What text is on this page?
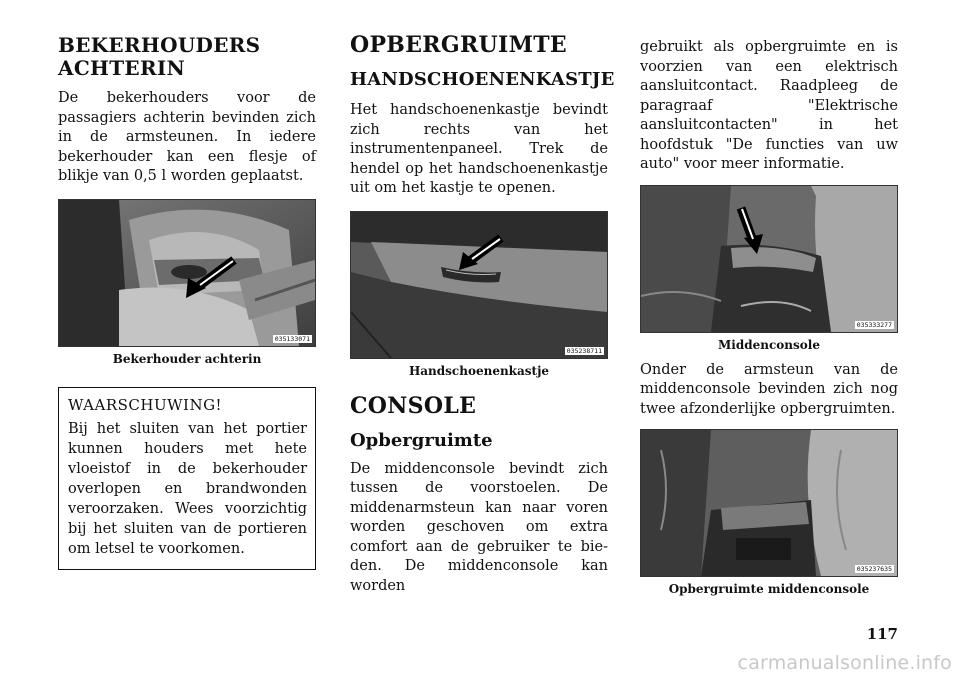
BEKERHOUDERS
ACHTERIN

De bekerhouders voor de passagiers achterin bevinden zich in de armsteunen. In iedere bekerhouder kan een flesje of blikje van 0,5 l worden geplaatst.

035133071
Bekerhouder achterin
WAARSCHUWING!

Bij het sluiten van het portier kunnen houders met hete vloeistof in de bekerhouder overlopen en brandwonden veroorzaken. Wees voorzichtig bij het sluiten van de portieren om letsel te voorkomen.

OPBERGRUIMTE
HANDSCHOENENKASTJE

Het handschoenenkastje bevindt zich rechts van het instrumentenpaneel. Trek de hendel op het handschoenenkastje uit om het kastje te openen.

035238711
Handschoenenkastje
CONSOLE
Opbergruimte

De middenconsole bevindt zich tussen de voorstoelen. De middenarmsteun kan naar voren worden geschoven om extra comfort aan de gebruiker te bieden. De middenconsole kan worden

gebruikt als opbergruimte en is voorzien van een elektrisch aansluitcontact. Raadpleeg de paragraaf "Elektrische aansluitcontacten" in het hoofdstuk "De functies van uw auto" voor meer informatie.

035333277
Middenconsole

Onder de armsteun van de middenconsole bevinden zich nog twee afzonderlijke opbergruimten.

035237635
Opbergruimte middenconsole
117
carmanualsonline.info
